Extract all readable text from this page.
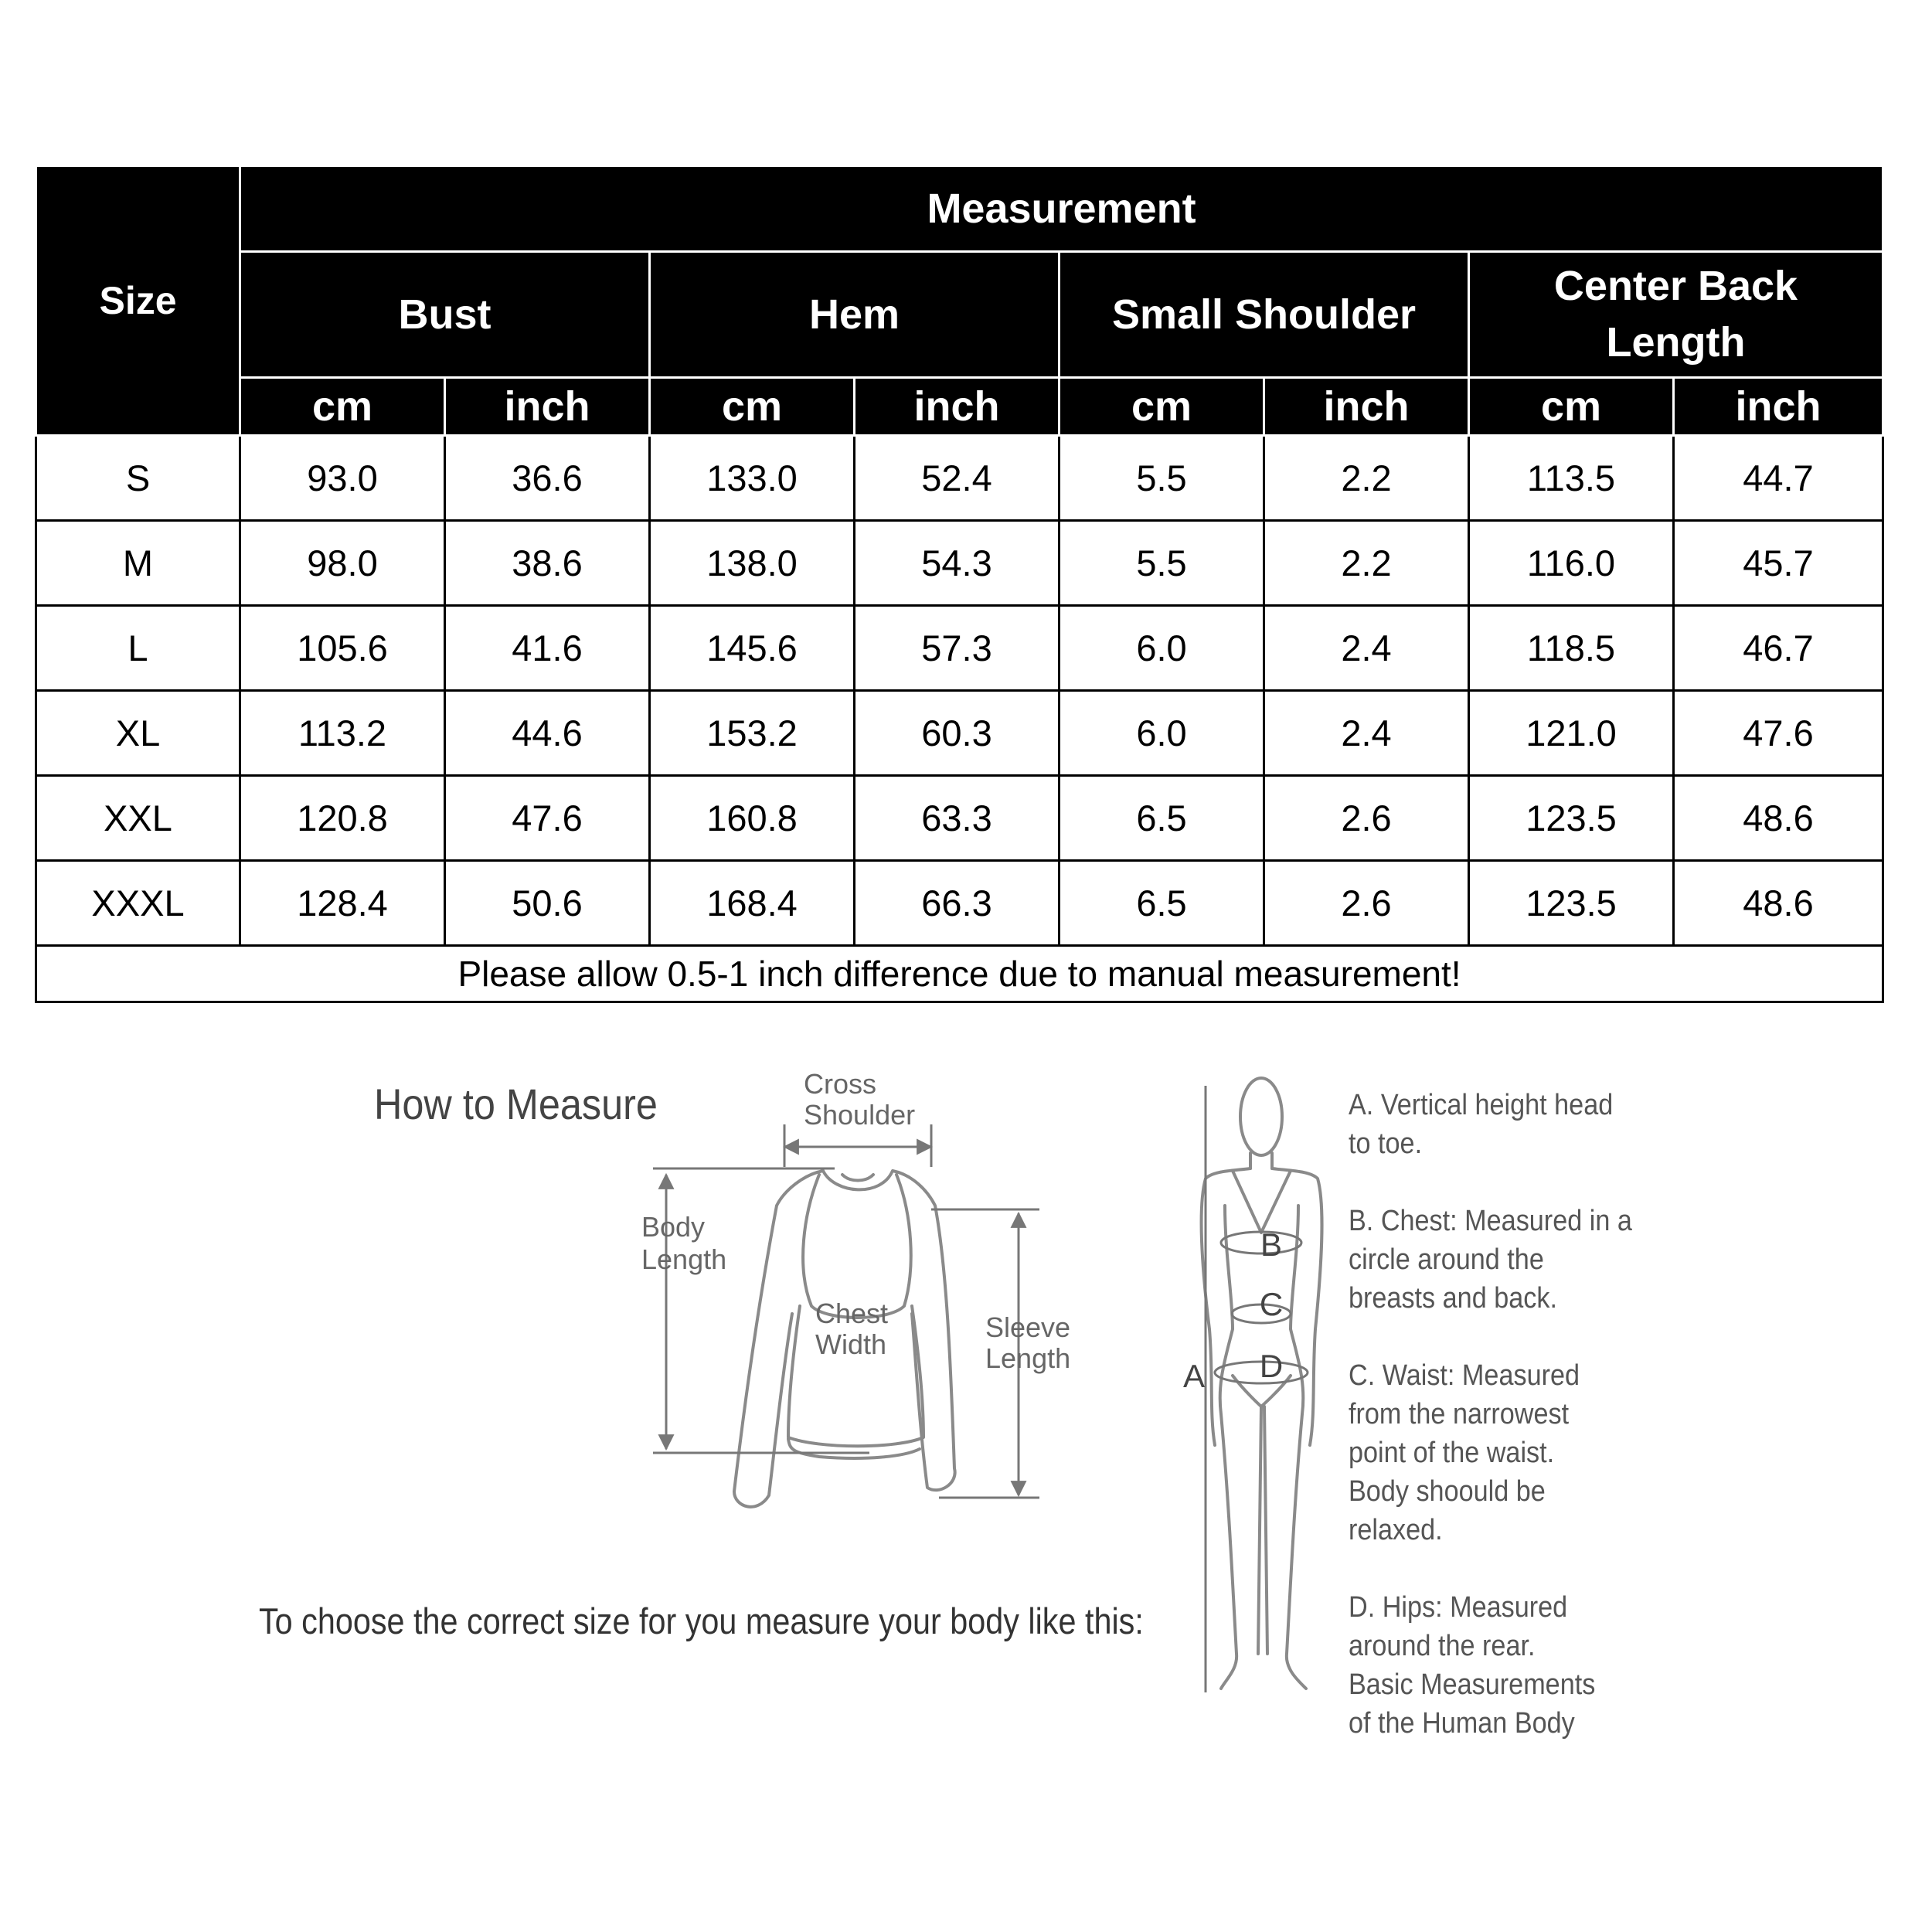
Size	Measurement							
	Bust		Hem		Small Shoulder		Center Back Length	
	cm	inch	cm	inch	cm	inch	cm	inch
S	93.0	36.6	133.0	52.4	5.5	2.2	113.5	44.7
M	98.0	38.6	138.0	54.3	5.5	2.2	116.0	45.7
L	105.6	41.6	145.6	57.3	6.0	2.4	118.5	46.7
XL	113.2	44.6	153.2	60.3	6.0	2.4	121.0	47.6
XXL	120.8	47.6	160.8	63.3	6.5	2.6	123.5	48.6
XXXL	128.4	50.6	168.4	66.3	6.5	2.6	123.5	48.6
Please allow 0.5-1 inch difference due to manual measurement!								
How to Measure
To choose the correct size for you measure your body like this:
Cross
Shoulder
Body
Length
Chest
Width
Sleeve
Length	A
B
C
D

A. Vertical height head
to toe.

B. Chest: Measured in a
circle around the
breasts and back.

C. Waist: Measured
from the narrowest
point of the waist.
Body shoould be
relaxed.

D. Hips: Measured
around the rear.
Basic Measurements
of the Human Body
